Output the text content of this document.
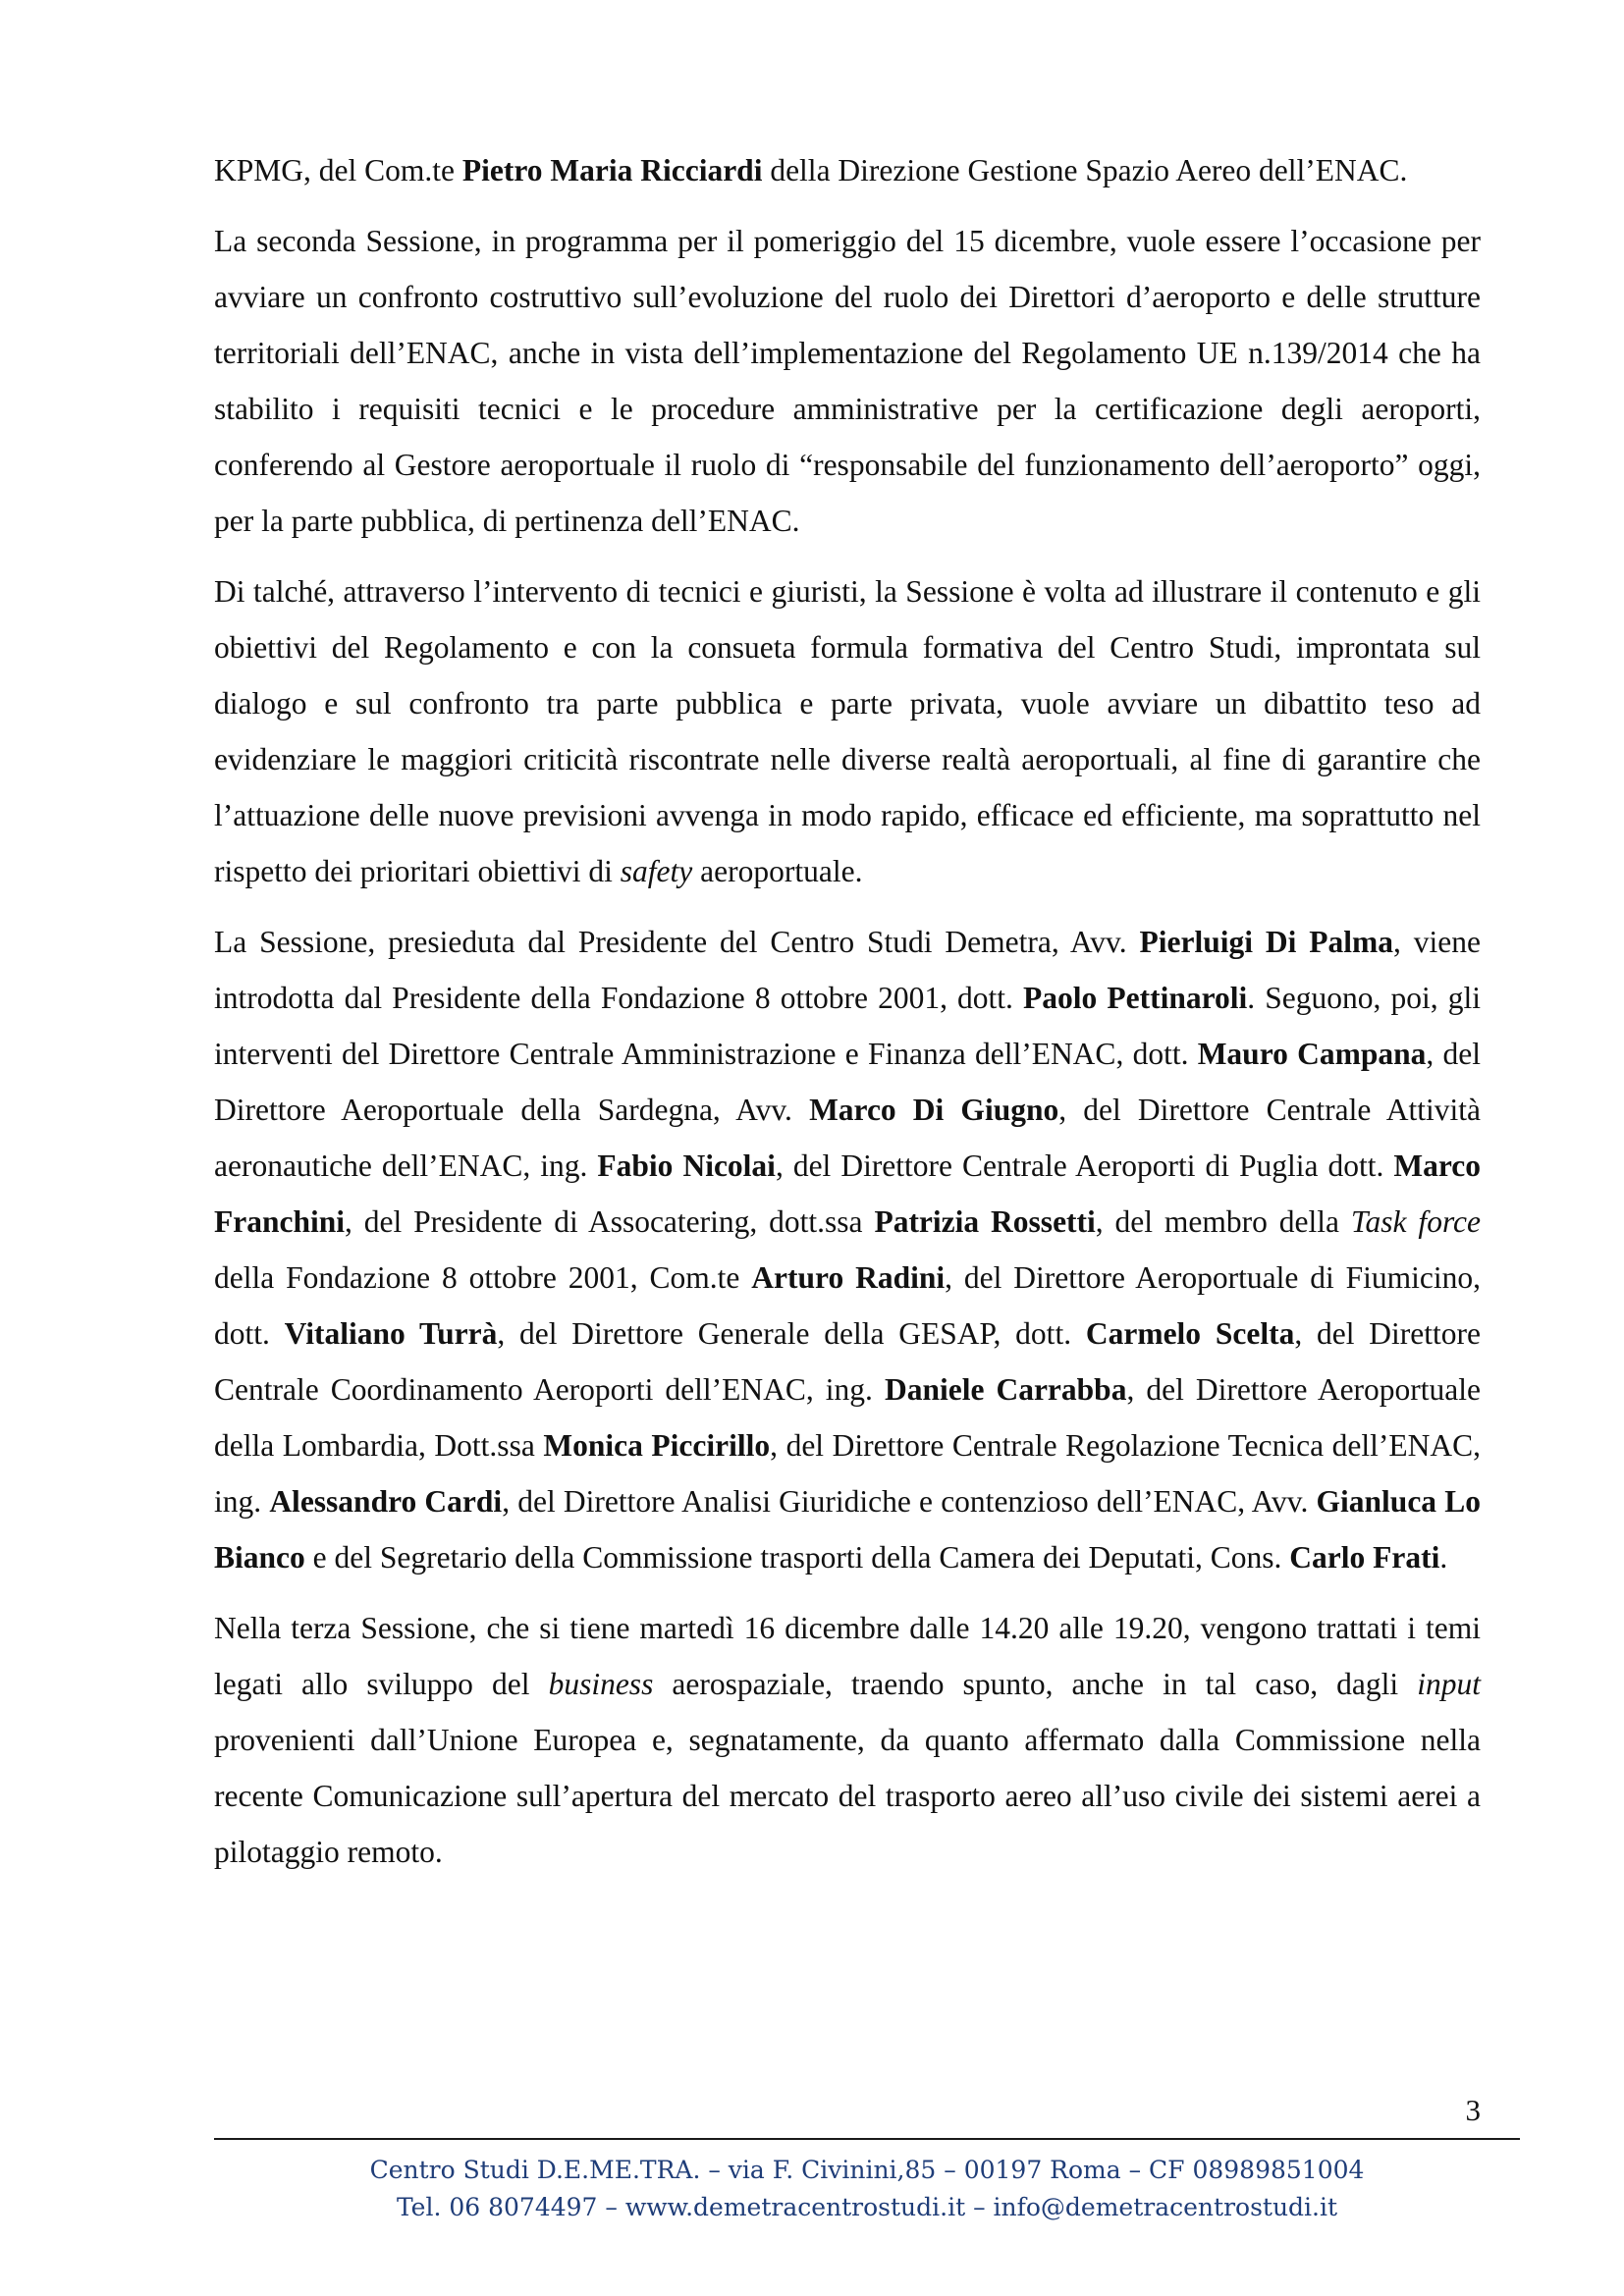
KPMG, del Com.te Pietro Maria Ricciardi della Direzione Gestione Spazio Aereo dell’ENAC.

La seconda Sessione, in programma per il pomeriggio del 15 dicembre, vuole essere l’occasione per avviare un confronto costruttivo sull’evoluzione del ruolo dei Direttori d’aeroporto e delle strutture territoriali dell’ENAC, anche in vista dell’implementazione del Regolamento UE n.139/2014 che ha stabilito i requisiti tecnici e le procedure amministrative per la certificazione degli aeroporti, conferendo al Gestore aeroportuale il ruolo di “responsabile del funzionamento dell’aeroporto” oggi, per la parte pubblica, di pertinenza dell’ENAC.

Di talché, attraverso l’intervento di tecnici e giuristi, la Sessione è volta ad illustrare il contenuto e gli obiettivi del Regolamento e con la consueta formula formativa del Centro Studi, improntata sul dialogo e sul confronto tra parte pubblica e parte privata, vuole avviare un dibattito teso ad evidenziare le maggiori criticità riscontrate nelle diverse realtà aeroportuali, al fine di garantire che l’attuazione delle nuove previsioni avvenga in modo rapido, efficace ed efficiente, ma soprattutto nel rispetto dei prioritari obiettivi di safety aeroportuale.

La Sessione, presieduta dal Presidente del Centro Studi Demetra, Avv. Pierluigi Di Palma, viene introdotta dal Presidente della Fondazione 8 ottobre 2001, dott. Paolo Pettinaroli. Seguono, poi, gli interventi del Direttore Centrale Amministrazione e Finanza dell’ENAC, dott. Mauro Campana, del Direttore Aeroportuale della Sardegna, Avv. Marco Di Giugno, del Direttore Centrale Attività aeronautiche dell’ENAC, ing. Fabio Nicolai, del Direttore Centrale Aeroporti di Puglia dott. Marco Franchini, del Presidente di Assocatering, dott.ssa Patrizia Rossetti, del membro della Task force della Fondazione 8 ottobre 2001, Com.te Arturo Radini, del Direttore Aeroportuale di Fiumicino, dott. Vitaliano Turrà, del Direttore Generale della GESAP, dott. Carmelo Scelta, del Direttore Centrale Coordinamento Aeroporti dell’ENAC, ing. Daniele Carrabba, del Direttore Aeroportuale della Lombardia, Dott.ssa Monica Piccirillo, del Direttore Centrale Regolazione Tecnica dell’ENAC, ing. Alessandro Cardi, del Direttore Analisi Giuridiche e contenzioso dell’ENAC, Avv. Gianluca Lo Bianco e del Segretario della Commissione trasporti della Camera dei Deputati, Cons. Carlo Frati.

Nella terza Sessione, che si tiene martedì 16 dicembre dalle 14.20 alle 19.20, vengono trattati i temi legati allo sviluppo del business aerospaziale, traendo spunto, anche in tal caso, dagli input provenienti dall’Unione Europea e, segnatamente, da quanto affermato dalla Commissione nella recente Comunicazione sull’apertura del mercato del trasporto aereo all’uso civile dei sistemi aerei a pilotaggio remoto.

3
Centro Studi D.E.ME.TRA. – via F. Civinini,85 – 00197 Roma – CF 08989851004
Tel. 06 8074497 – www.demetracentrostudi.it – info@demetracentrostudi.it
